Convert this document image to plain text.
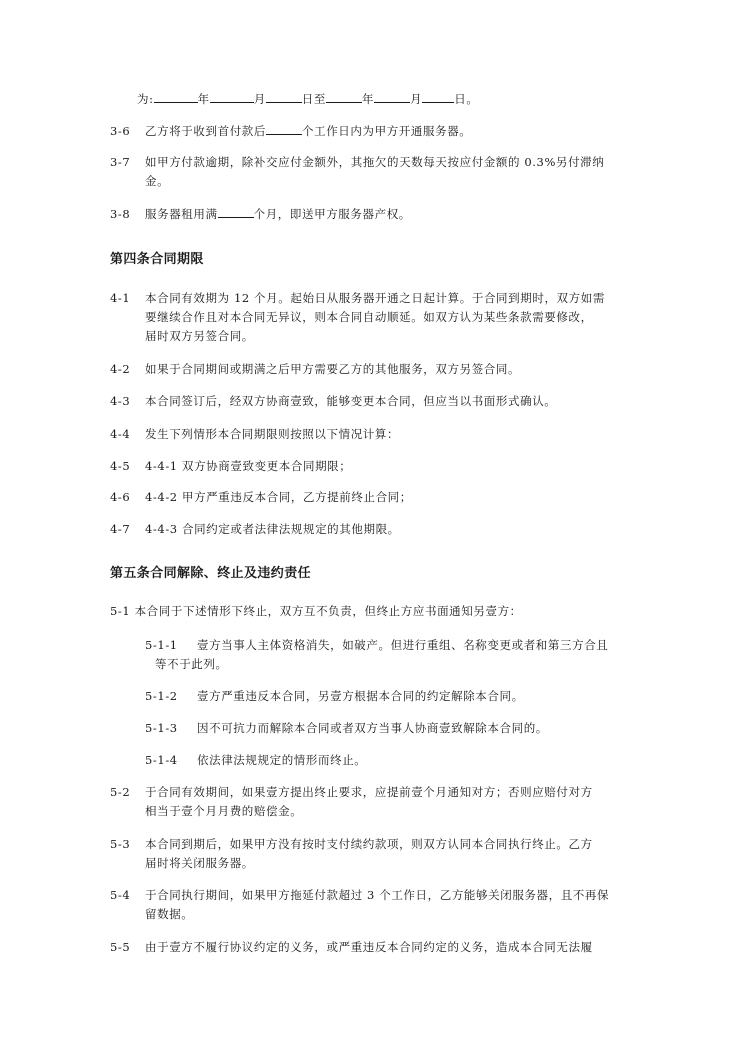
为:	年	月	日至	年	月	日。
3-6 乙方将于收到首付款后	个工作日内为甲方开通服务器。
3-7 如甲方付款逾期，除补交应付金额外，其拖欠的天数每天按应付金额的 0.3%另付滞纳
金。
3-8 服务器租用满	个月，即送甲方服务器产权。
第四条合同期限
4-1 本合同有效期为 12 个月。起始日从服务器开通之日起计算。于合同到期时，双方如需
要继续合作且对本合同无异议，则本合同自动顺延。如双方认为某些条款需要修改，
届时双方另签合同。
4-2 如果于合同期间或期满之后甲方需要乙方的其他服务，双方另签合同。
4-3 本合同签订后，经双方协商壹致，能够变更本合同，但应当以书面形式确认。
4-4 发生下列情形本合同期限则按照以下情况计算：
4-5 4-4-1 双方协商壹致变更本合同期限；
4-6 4-4-2 甲方严重违反本合同，乙方提前终止合同；
4-7 4-4-3 合同约定或者法律法规规定的其他期限。
第五条合同解除、终止及违约责任
5-1 本合同于下述情形下终止，双方互不负责，但终止方应书面通知另壹方：
5-1-1 壹方当事人主体资格消失，如破产。但进行重组、名称变更或者和第三方合且
等不于此列。
5-1-2 壹方严重违反本合同，另壹方根据本合同的约定解除本合同。
5-1-3 因不可抗力而解除本合同或者双方当事人协商壹致解除本合同的。
5-1-4 依法律法规规定的情形而终止。
5-2 于合同有效期间，如果壹方提出终止要求，应提前壹个月通知对方；否则应赔付对方
相当于壹个月月费的赔偿金。
5-3 本合同到期后，如果甲方没有按时支付续约款项，则双方认同本合同执行终止。乙方
届时将关闭服务器。
5-4 于合同执行期间，如果甲方拖延付款超过 3 个工作日，乙方能够关闭服务器，且不再保
留数据。
5-5 由于壹方不履行协议约定的义务，或严重违反本合同约定的义务，造成本合同无法履
